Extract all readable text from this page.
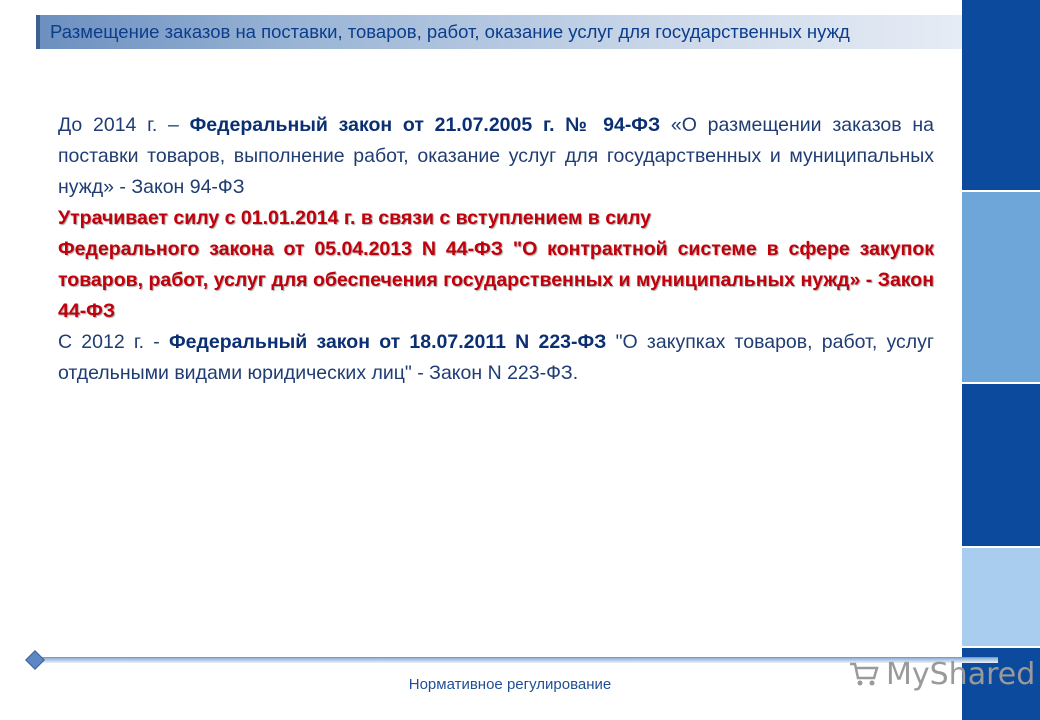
Размещение заказов на поставки, товаров, работ, оказание услуг для государственных нужд

До 2014 г. – Федеральный закон от 21.07.2005 г. № 94-ФЗ «О размещении заказов на поставки товаров, выполнение работ, оказание услуг для государственных и муниципальных нужд» - Закон 94-ФЗ

Утрачивает силу с 01.01.2014 г. в связи с вступлением в силу

Федерального закона от 05.04.2013 N 44-ФЗ "О контрактной системе в сфере закупок товаров, работ, услуг для обеспечения государственных и муниципальных нужд» - Закон 44-ФЗ

С 2012 г. - Федеральный закон от 18.07.2011 N 223-ФЗ "О закупках товаров, работ, услуг отдельными видами юридических лиц" - Закон N 223-ФЗ.

Нормативное регулирование	MyShared
